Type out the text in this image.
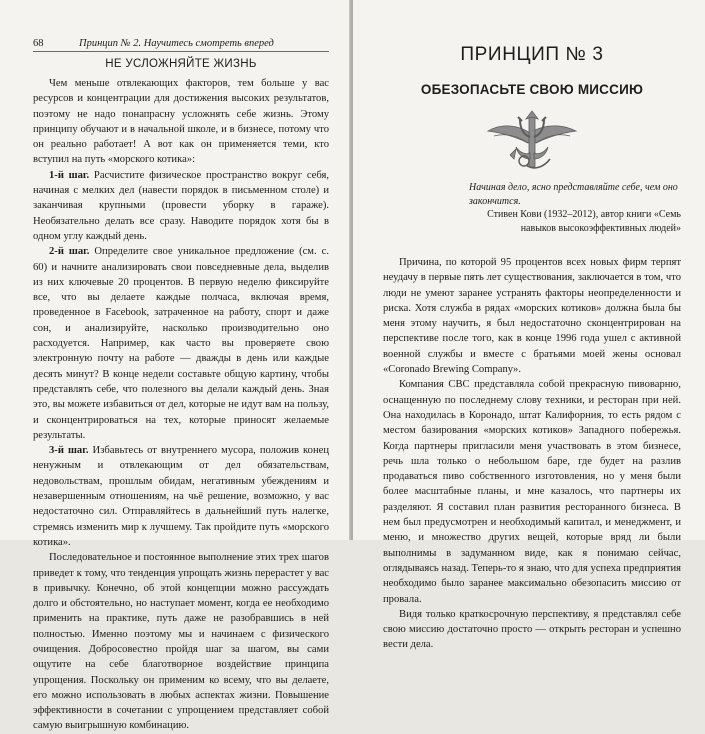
68	Принцип № 2. Научитесь смотреть вперед
НЕ УСЛОЖНЯЙТЕ ЖИЗНЬ

Чем меньше отвлекающих факторов, тем больше у вас ресурсов и концентрации для достижения высоких результатов, поэтому не надо понапрасну усложнять себе жизнь. Этому принципу обучают и в начальной школе, и в бизнесе, потому что он реально работает! А вот как он применяется теми, кто вступил на путь «морского котика»:

1-й шаг. Расчистите физическое пространство вокруг себя, начиная с мелких дел (навести порядок в письменном столе) и заканчивая крупными (провести уборку в гараже). Необязательно делать все сразу. Наводите порядок хотя бы в одном углу каждый день.

2-й шаг. Определите свое уникальное предложение (см. с. 60) и начните анализировать свои повседневные дела, выделив из них ключевые 20 процентов. В первую неделю фиксируйте все, что вы делаете каждые полчаса, включая время, проведенное в Facebook, затраченное на работу, спорт и даже сон, и анализируйте, насколько производительно оно расходуется. Например, как часто вы проверяете свою электронную почту на работе — дважды в день или каждые десять минут? В конце недели составьте общую картину, чтобы представлять себе, что полезного вы делали каждый день. Зная это, вы можете избавиться от дел, которые не идут вам на пользу, и сконцентрироваться на тех, которые приносят желаемые результаты.

3-й шаг. Избавьтесь от внутреннего мусора, положив конец ненужным и отвлекающим от дел обязательствам, недовольствам, прошлым обидам, негативным убеждениям и незавершенным отношениям, на чьё решение, возможно, у вас недостаточно сил. Отправляйтесь в дальнейший путь налегке, стремясь изменить мир к лучшему. Так пройдите путь «морского котика».

Последовательное и постоянное выполнение этих трех шагов приведет к тому, что тенденция упрощать жизнь перерастет у вас в привычку. Конечно, об этой концепции можно рассуждать долго и обстоятельно, но наступает момент, когда ее необходимо применить на практике, путь даже не разобравшись в ней полностью. Именно поэтому мы и начинаем с физического очищения. Добросовестно пройдя шаг за шагом, вы сами ощутите на себе благотворное воздействие принципа упрощения. Поскольку он применим ко всему, что вы делаете, его можно использовать в любых аспектах жизни. Повышение эффективности в сочетании с упрощением представляет собой самую выигрышную комбинацию.

ПРИНЦИП № 3
ОБЕЗОПАСЬТЕ СВОЮ МИССИЮ
Начиная дело, ясно представляйте себе, чем оно закончится.
Стивен Кови (1932–2012), автор книги «Семь навыков высокоэффективных людей»

Причина, по которой 95 процентов всех новых фирм терпят неудачу в первые пять лет существования, заключается в том, что люди не умеют заранее устранять факторы неопределенности и риска. Хотя служба в рядах «морских котиков» должна была бы меня этому научить, я был недостаточно сконцентрирован на перспективе после того, как в конце 1996 года ушел с активной военной службы и вместе с братьями моей жены основал «Coronado Brewing Company».

Компания CBC представляла собой прекрасную пивоварню, оснащенную по последнему слову техники, и ресторан при ней. Она находилась в Коронадо, штат Калифорния, то есть рядом с местом базирования «морских котиков» Западного побережья. Когда партнеры пригласили меня участвовать в этом бизнесе, речь шла только о небольшом баре, где будет на разлив продаваться пиво собственного изготовления, но у меня были более масштабные планы, и мне казалось, что партнеры их разделяют. Я составил план развития ресторанного бизнеса. В нем был предусмотрен и необходимый капитал, и менеджмент, и меню, и множество других вещей, которые вряд ли были выполнимы в задуманном виде, как я понимаю сейчас, оглядываясь назад. Теперь-то я знаю, что для успеха предприятия необходимо было заранее максимально обезопасить миссию от провала.

Видя только краткосрочную перспективу, я представлял себе свою миссию достаточно просто — открыть ресторан и успешно вести дела.
